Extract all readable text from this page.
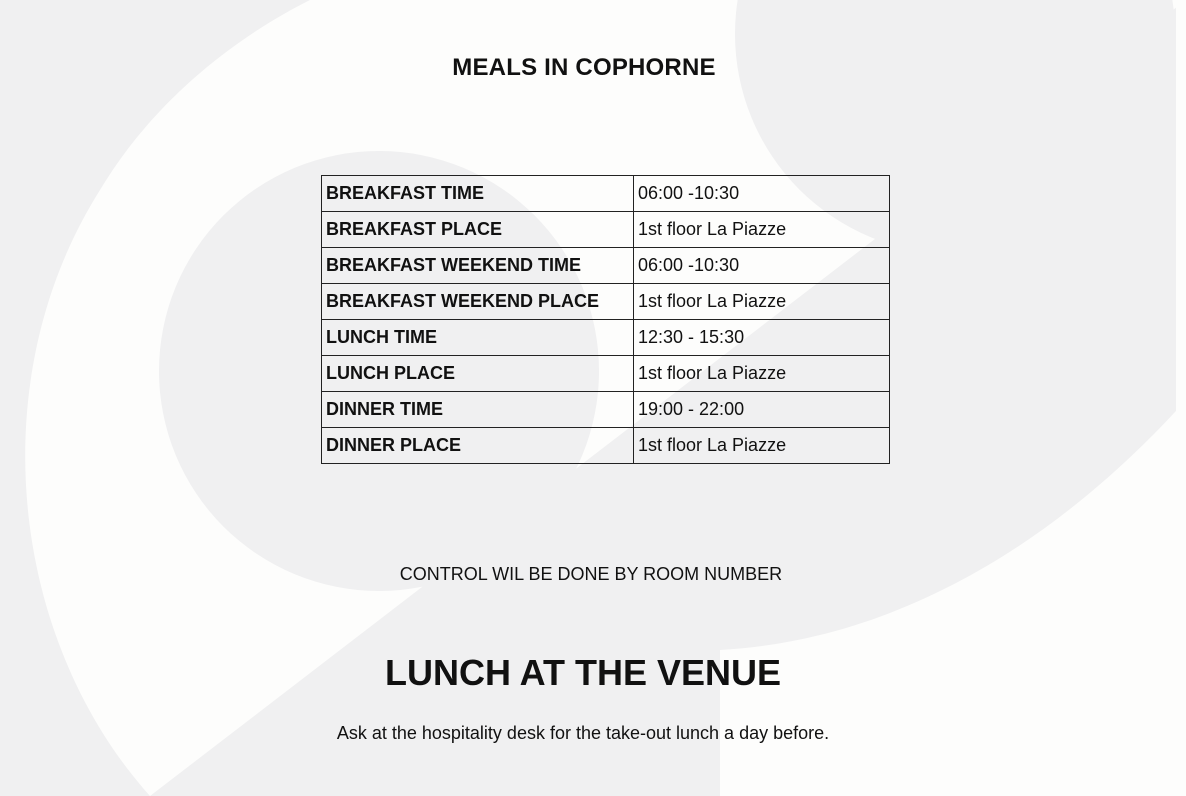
MEALS IN COPHORNE
BREAKFAST TIME	06:00 -10:30
BREAKFAST PLACE	1st floor La Piazze
BREAKFAST WEEKEND TIME	06:00 -10:30
BREAKFAST WEEKEND PLACE	1st floor La Piazze
LUNCH TIME	12:30 - 15:30
LUNCH PLACE	1st floor La Piazze
DINNER TIME	19:00 - 22:00
DINNER PLACE	1st floor La Piazze
CONTROL WIL BE DONE BY ROOM NUMBER
LUNCH AT THE VENUE
Ask at the hospitality desk for the take-out lunch a day before.
